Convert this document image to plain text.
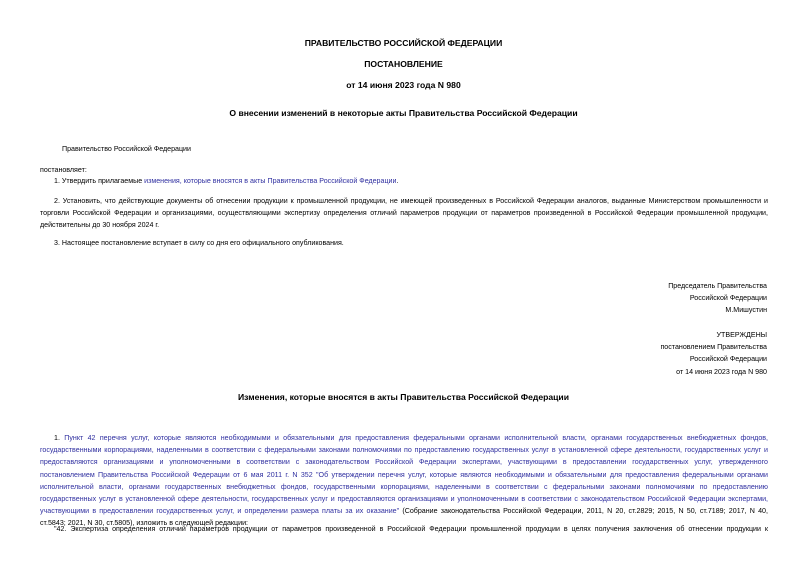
ПРАВИТЕЛЬСТВО РОССИЙСКОЙ ФЕДЕРАЦИИ
ПОСТАНОВЛЕНИЕ
от 14 июня 2023 года N 980
О внесении изменений в некоторые акты Правительства Российской Федерации
Правительство Российской Федерации
постановляет:
1. Утвердить прилагаемые изменения, которые вносятся в акты Правительства Российской Федерации.
2. Установить, что действующие документы об отнесении продукции к промышленной продукции, не имеющей произведенных в Российской Федерации аналогов, выданные Министерством промышленности и
торговли Российской Федерации и организациями, осуществляющими экспертизу определения отличий параметров продукции от параметров произведенной в Российской Федерации промышленной продукции,
действительны до 30 ноября 2024 г.
3. Настоящее постановление вступает в силу со дня его официального опубликования.
Председатель Правительства
Российской Федерации
М.Мишустин
УТВЕРЖДЕНЫ
постановлением Правительства
Российской Федерации
от 14 июня 2023 года N 980
Изменения, которые вносятся в акты Правительства Российской Федерации
1. Пункт 42 перечня услуг, которые являются необходимыми и обязательными для предоставления федеральными органами исполнительной власти, органами государственных внебюджетных фондов,
государственными корпорациями, наделенными в соответствии с федеральными законами полномочиями по предоставлению государственных услуг в установленной сфере деятельности, государственных услуг и
предоставляются организациями и уполномоченными в соответствии с законодательством Российской Федерации экспертами, участвующими в предоставлении государственных услуг, утвержденного
постановлением Правительства Российской Федерации от 6 мая 2011 г. N 352 "Об утверждении перечня услуг, которые являются необходимыми и обязательными для предоставления федеральными органами
исполнительной власти, органами государственных внебюджетных фондов, государственными корпорациями, наделенными в соответствии с федеральными законами полномочиями по предоставлению
государственных услуг в установленной сфере деятельности, государственных услуг и предоставляются организациями и уполномоченными в соответствии с законодательством Российской Федерации экспертами,
участвующими в предоставлении государственных услуг, и определении размера платы за их оказание" (Собрание законодательства Российской Федерации, 2011, N 20, ст.2829; 2015, N 50, ст.7189; 2017, N 40,
ст.5843; 2021, N 30, ст.5805), изложить в следующей редакции:
"42. Экспертиза определения отличий параметров продукции от параметров произведенной в Российской Федерации промышленной продукции в целях получения заключения об отнесении продукции к
